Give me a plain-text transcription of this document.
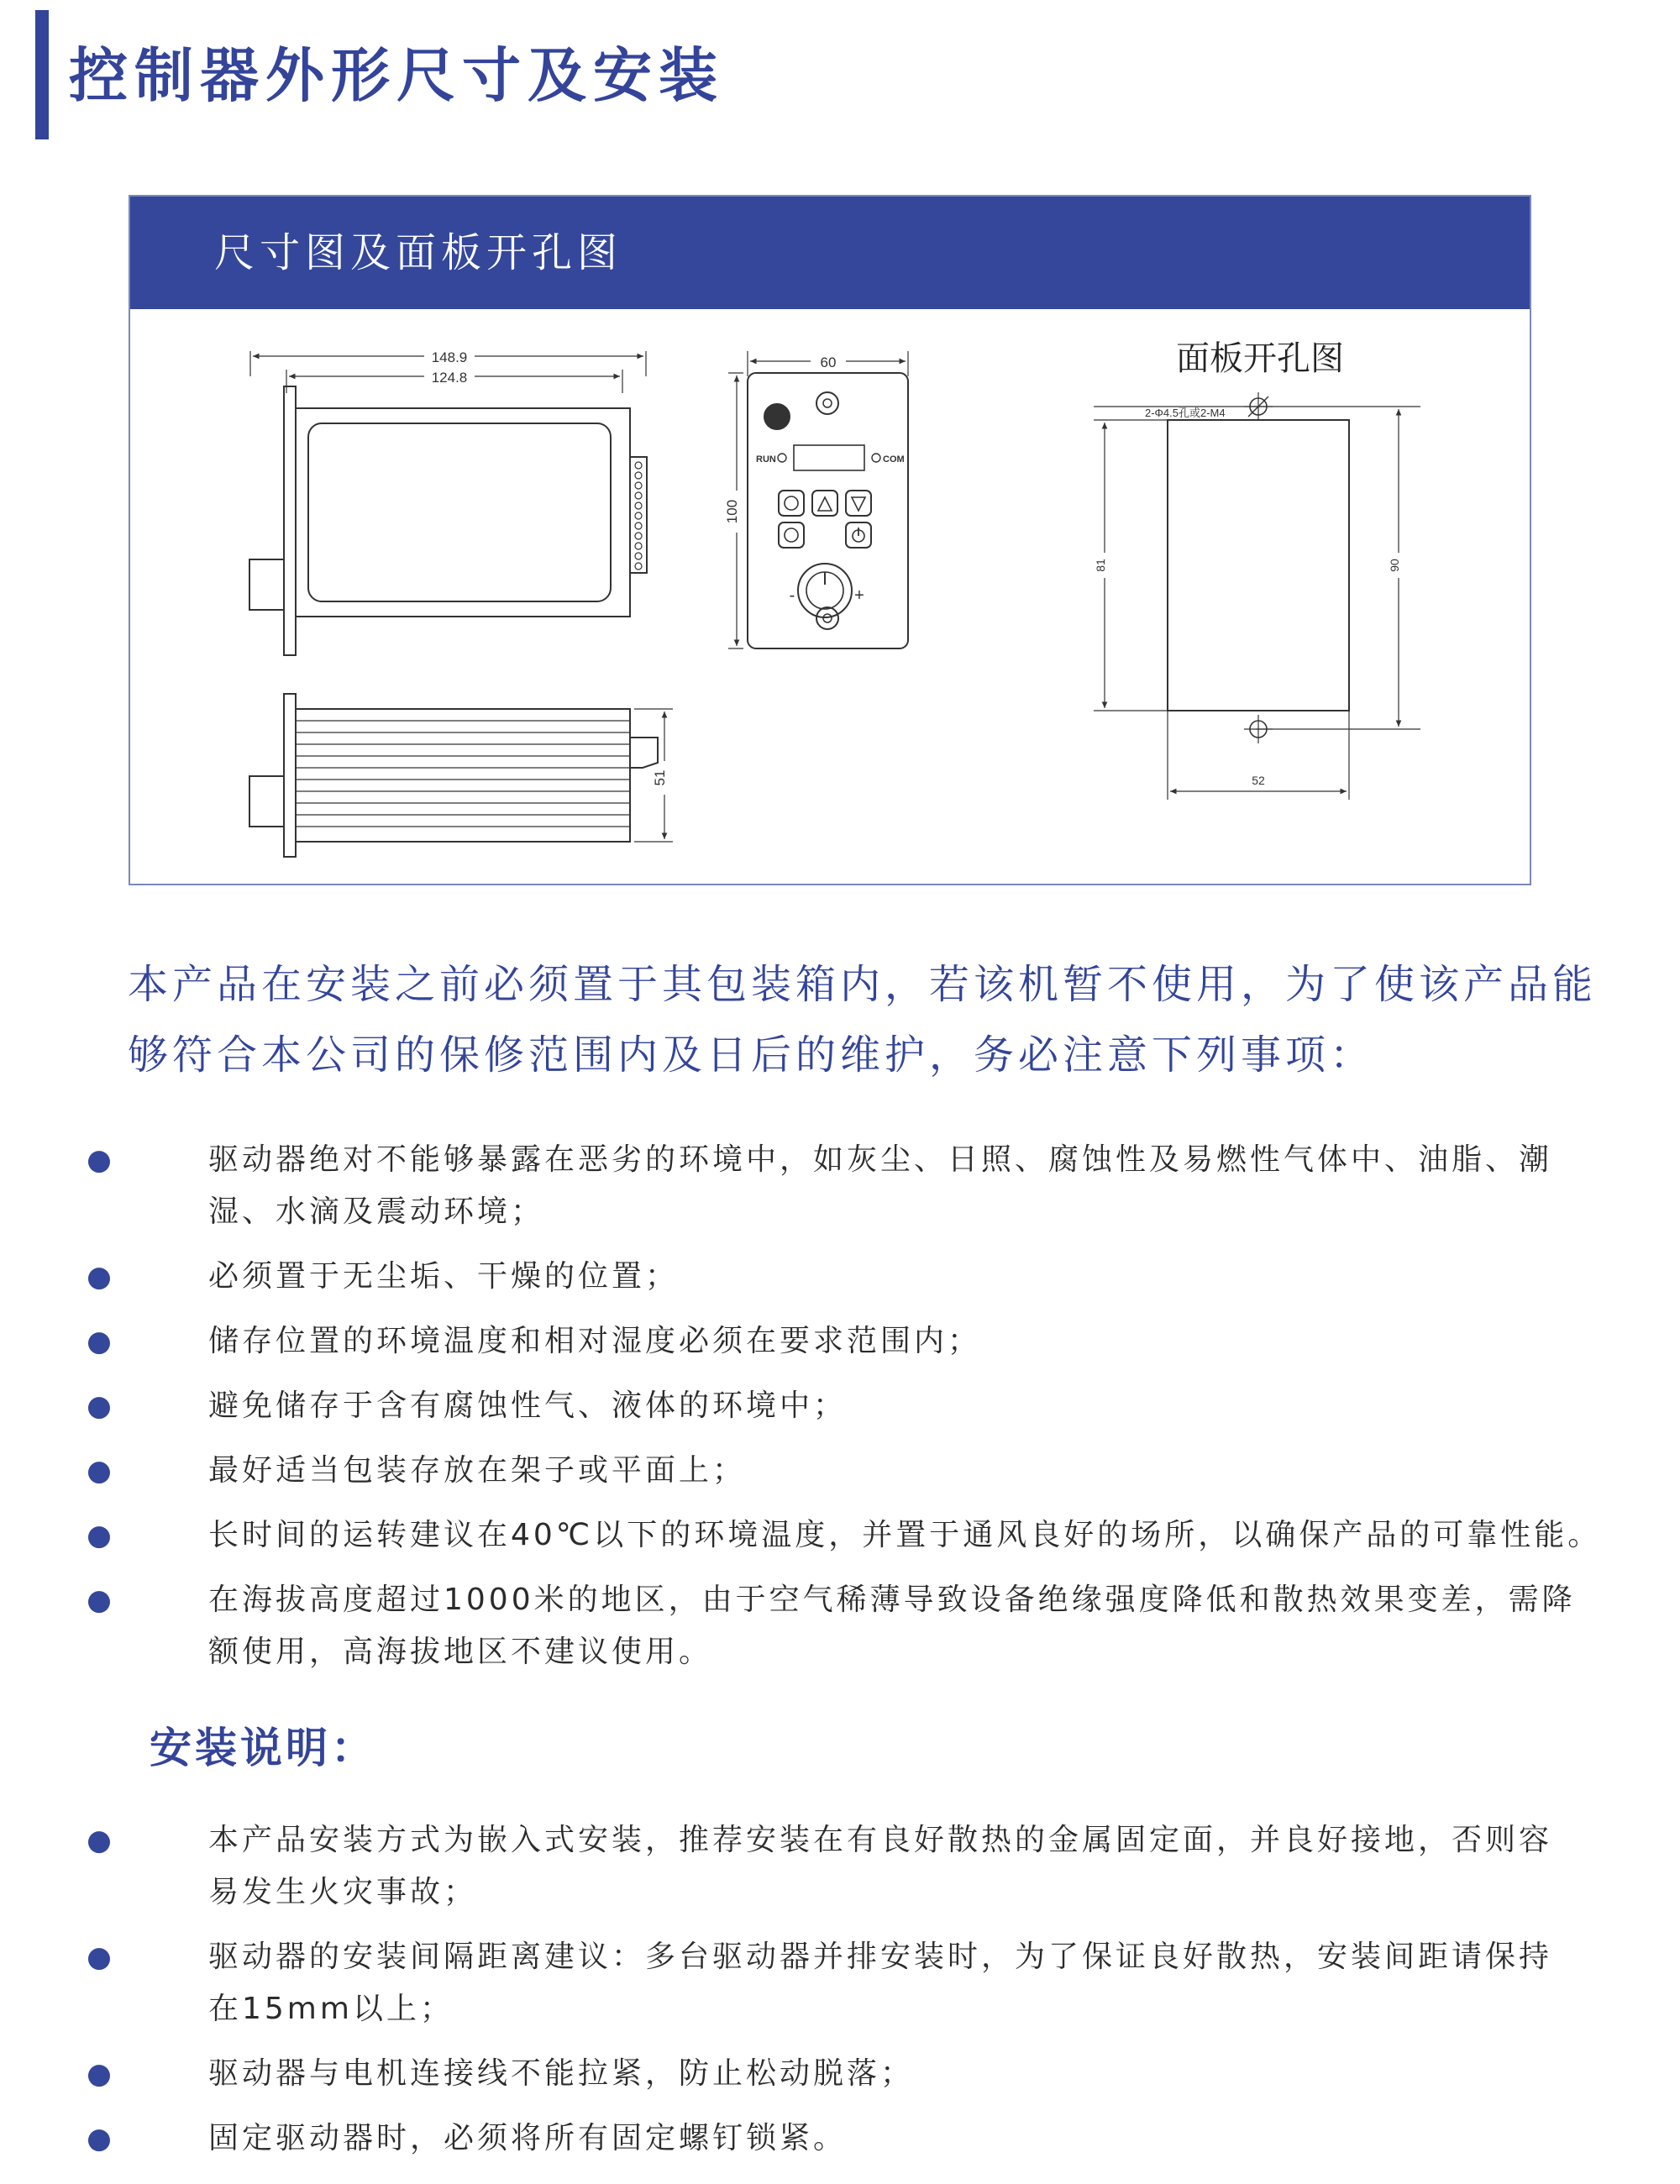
控制器外形尺寸及安装
尺寸图及面板开孔图
148.9
124.8
51
60
100
RUN	COM
-	+
面板开孔图
2-Φ4.5孔或2-M4
81	90
52

本产品在安装之前必须置于其包装箱内，若该机暂不使用，为了使该产品能

够符合本公司的保修范围内及日后的维护，务必注意下列事项：

●	驱动器绝对不能够暴露在恶劣的环境中，如灰尘、日照、腐蚀性及易燃性气体中、油脂、潮
湿、水滴及震动环境；
●	必须置于无尘垢、干燥的位置；
●	储存位置的环境温度和相对湿度必须在要求范围内；
●	避免储存于含有腐蚀性气、液体的环境中；
●	最好适当包装存放在架子或平面上；
●	长时间的运转建议在40℃以下的环境温度，并置于通风良好的场所，以确保产品的可靠性能。
●	在海拔高度超过1000米的地区，由于空气稀薄导致设备绝缘强度降低和散热效果变差，需降
额使用，高海拔地区不建议使用。
安装说明：
●	本产品安装方式为嵌入式安装，推荐安装在有良好散热的金属固定面，并良好接地，否则容
易发生火灾事故；
●	驱动器的安装间隔距离建议：多台驱动器并排安装时，为了保证良好散热，安装间距请保持
在15mm以上；
●	驱动器与电机连接线不能拉紧，防止松动脱落；
●	固定驱动器时，必须将所有固定螺钉锁紧。
